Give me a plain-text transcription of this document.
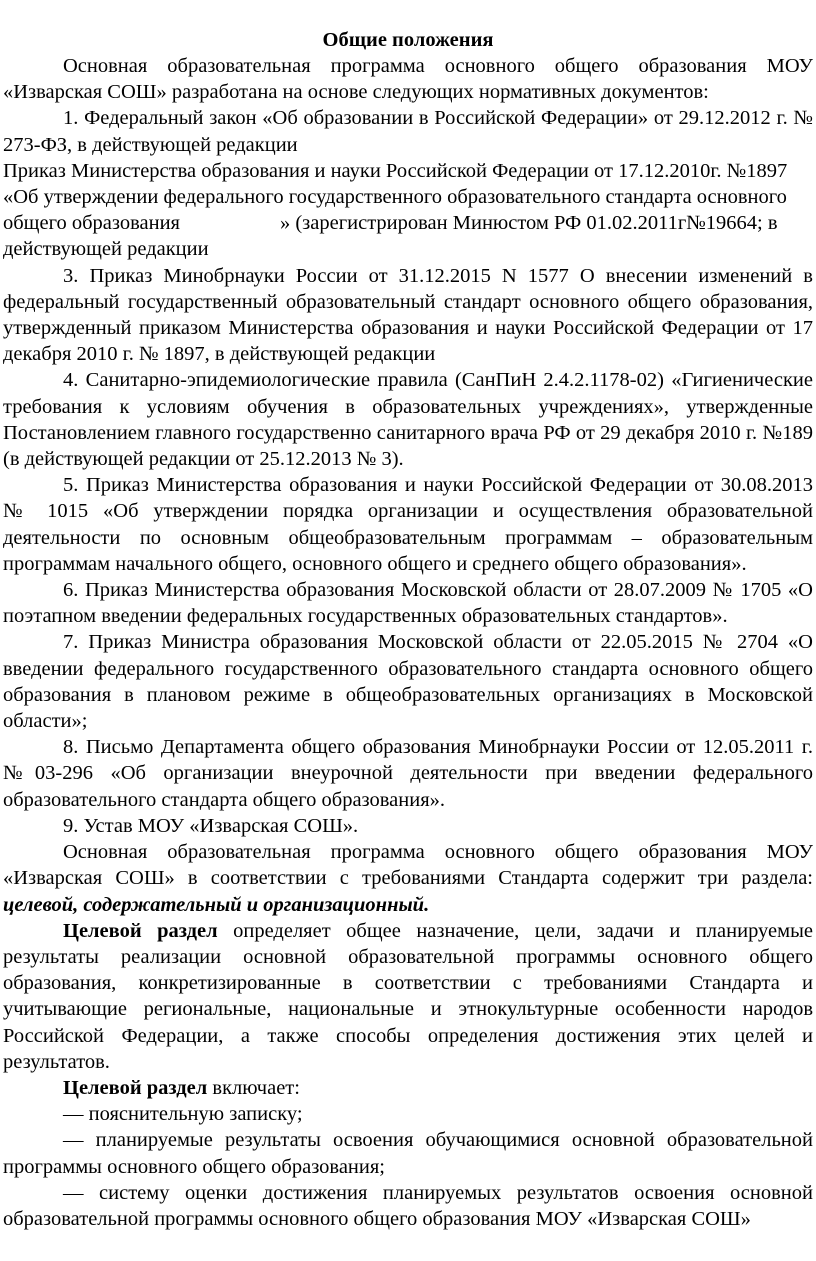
Общие положения

Основная образовательная программа основного общего образования МОУ «Изварская СОШ» разработана на основе следующих нормативных документов:

1. Федеральный закон «Об образовании в Российской Федерации» от 29.12.2012 г. № 273-ФЗ, в действующей редакции

Приказ Министерства образования и науки Российской Федерации от 17.12.2010г. №1897 «Об утверждении федерального государственного образовательного стандарта основного общего образования	» (зарегистрирован Минюстом РФ 01.02.2011г№19664; в действующей редакции

3. Приказ Минобрнауки России от 31.12.2015 N 1577 О внесении изменений в федеральный государственный образовательный стандарт основного общего образования, утвержденный приказом Министерства образования и науки Российской Федерации от 17 декабря 2010 г. № 1897, в действующей редакции

4. Санитарно-эпидемиологические правила (СанПиН 2.4.2.1178-02) «Гигиенические требования к условиям обучения в образовательных учреждениях», утвержденные Постановлением главного государственно санитарного врача РФ от 29 декабря 2010 г. №189 (в действующей редакции от 25.12.2013 № 3).

5. Приказ Министерства образования и науки Российской Федерации от 30.08.2013 № 1015 «Об утверждении порядка организации и осуществления образовательной деятельности по основным общеобразовательным программам – образовательным программам начального общего, основного общего и среднего общего образования».

6. Приказ Министерства образования Московской области от 28.07.2009 № 1705 «О поэтапном введении федеральных государственных образовательных стандартов».

7. Приказ Министра образования Московской области от 22.05.2015 № 2704 «О введении федерального государственного образовательного стандарта основного общего образования в плановом режиме в общеобразовательных организациях в Московской области»;

8. Письмо Департамента общего образования Минобрнауки России от 12.05.2011 г. №03-296 «Об организации внеурочной деятельности при введении федерального образовательного стандарта общего образования».

9. Устав МОУ «Изварская СОШ».

Основная образовательная программа основного общего образования МОУ «Изварская СОШ» в соответствии с требованиями Стандарта содержит три раздела: целевой, содержательный и организационный.

Целевой раздел определяет общее назначение, цели, задачи и планируемые результаты реализации основной образовательной программы основного общего образования, конкретизированные в соответствии с требованиями Стандарта и учитывающие региональные, национальные и этнокультурные особенности народов Российской Федерации, а также способы определения достижения этих целей и результатов.

Целевой раздел включает:

— пояснительную записку;

— планируемые результаты освоения обучающимися основной образовательной программы основного общего образования;

— систему оценки достижения планируемых результатов освоения основной образовательной программы основного общего образования МОУ «Изварская СОШ»
